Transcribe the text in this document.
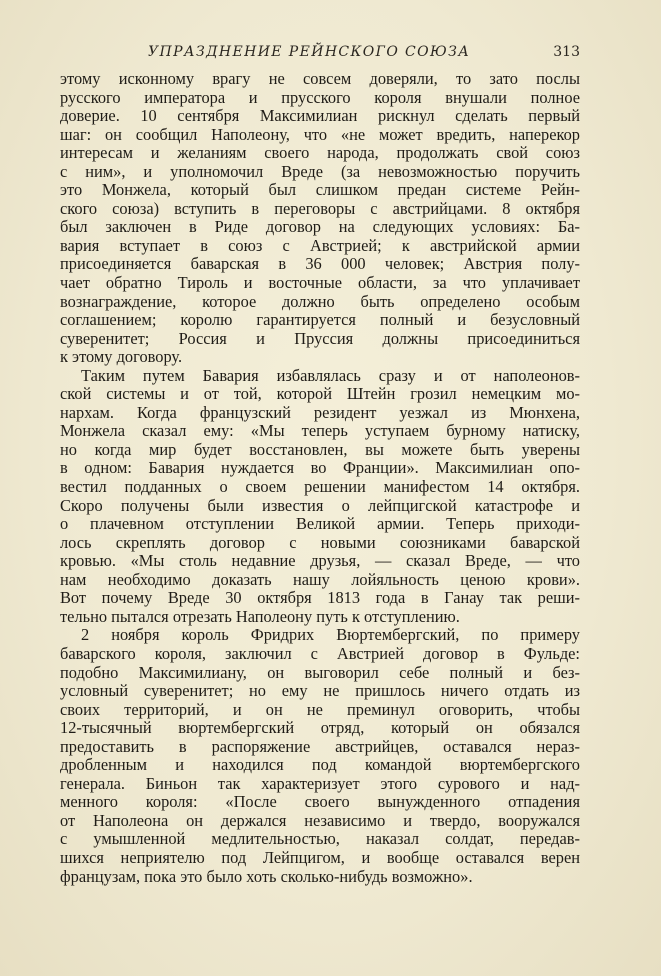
УПРАЗДНЕНИЕ РЕЙНСКОГО СОЮЗА	313
этому исконному врагу не совсем доверяли, то зато послы
русского императора и прусского короля внушали полное
доверие. 10 сентября Максимилиан рискнул сделать первый
шаг: он сообщил Наполеону, что «не может вредить, наперекор
интересам и желаниям своего народа, продолжать свой союз
с ним», и уполномочил Вреде (за невозможностью поручить
это Монжела, который был слишком предан системе Рейн-
ского союза) вступить в переговоры с австрийцами. 8 октября
был заключен в Риде договор на следующих условиях: Ба-
вария вступает в союз с Австрией; к австрийской армии
присоединяется баварская в 36 000 человек; Австрия полу-
чает обратно Тироль и восточные области, за что уплачивает
вознаграждение, которое должно быть определено особым
соглашением; королю гарантируется полный и безусловный
суверенитет; Россия и Пруссия должны присоединиться
к этому договору.
Таким путем Бавария избавлялась сразу и от наполеонов-
ской системы и от той, которой Штейн грозил немецким мо-
нархам. Когда французский резидент уезжал из Мюнхена,
Монжела сказал ему: «Мы теперь уступаем бурному натиску,
но когда мир будет восстановлен, вы можете быть уверены
в одном: Бавария нуждается во Франции». Максимилиан опо-
вестил подданных о своем решении манифестом 14 октября.
Скоро получены были известия о лейпцигской катастрофе и
о плачевном отступлении Великой армии. Теперь приходи-
лось скреплять договор с новыми союзниками баварской
кровью. «Мы столь недавние друзья, — сказал Вреде, — что
нам необходимо доказать нашу лойяльность ценою крови».
Вот почему Вреде 30 октября 1813 года в Ганау так реши-
тельно пытался отрезать Наполеону путь к отступлению.
2 ноября король Фридрих Вюртембергский, по примеру
баварского короля, заключил с Австрией договор в Фульде:
подобно Максимилиану, он выговорил себе полный и без-
условный суверенитет; но ему не пришлось ничего отдать из
своих территорий, и он не преминул оговорить, чтобы
12-тысячный вюртембергский отряд, который он обязался
предоставить в распоряжение австрийцев, оставался нераз-
дробленным и находился под командой вюртембергского
генерала. Биньон так характеризует этого сурового и над-
менного короля: «После своего вынужденного отпадения
от Наполеона он держался независимо и твердо, вооружался
с умышленной медлительностью, наказал солдат, передав-
шихся неприятелю под Лейпцигом, и вообще оставался верен
французам, пока это было хоть сколько-нибудь возможно».
